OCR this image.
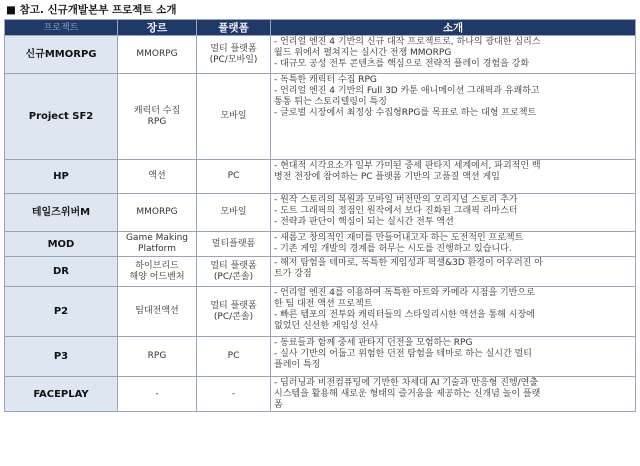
■ 참고. 신규개발본부 프로젝트 소개
프로젝트	장르	플랫폼	소개
신규MMORPG	MMORPG	멀티 플랫폼
(PC/모바일)	- 언리얼 엔진 4 기반의 신규 대작 프로젝트로, 하나의 광대한 심리스
월드 위에서 펼쳐지는 실시간 전쟁 MMORPG
- 대규모 공성 전투 콘텐츠를 핵심으로 전략적 플레이 경험을 강화

Project SF2	캐릭터 수집
RPG	모바일	- 독특한 캐릭터 수집 RPG
- 언리얼 엔진 4 기반의 Full 3D 카툰 애니메이션 그래픽과 유쾌하고
통통 튀는 스토리텔링이 특징
- 글로벌 시장에서 최정상 수집형RPG를 목표로 하는 대형 프로젝트

HP	액션	PC	- 현대적 시각요소가 일부 가미된 중세 판타지 세계에서, 파괴적인 백
병전 전장에 참여하는 PC 플랫폼 기반의 고품질 액션 게임

테일즈위버M	MMORPG	모바일	- 원작 스토리의 복원과 모바일 버전만의 오리지널 스토리 추가
- 도트 그래픽의 정점인 원작에서 보다 진화된 그래픽 리마스터
- 전략과 판단이 핵심이 되는 실시간 전투 액션

MOD	Game Making
Platform	멀티플랫폼	- 새롭고 창의적인 재미를 만들어내고자 하는 도전적인 프로젝트
- 기존 게임 개발의 경계를 허무는 시도를 진행하고 있습니다.

DR	하이브리드
해양 어드벤처	멀티 플랫폼
(PC/콘솔)	- 해저 탐험을 테마로, 독특한 게임성과 픽셀&3D 환경이 어우러진 아
트가 강점

P2	팀대전액션	멀티 플랫폼
(PC/콘솔)	- 언리얼 엔진 4를 이용하여 독특한 아트와 카메라 시점을 기반으로
한 팀 대전 액션 프로젝트
- 빠른 템포의 전투와 캐릭터들의 스타일리시한 액션을 통해 시장에
없었던 신선한 게임성 선사

P3	RPG	PC	- 동료들과 함께 중세 판타지 던전을 모험하는 RPG
- 실사 기반의 어둡고 위험한 던전 탐험을 테마로 하는 실시간 멀티
플레이 특징

FACEPLAY	-	-	- 딥러닝과 비전컴퓨팅에 기반한 차세대 AI 기술과 반응형 진행/연출
시스템을 활용해 새로운 형태의 즐거움을 제공하는 신개념 놀이 플랫
폼
